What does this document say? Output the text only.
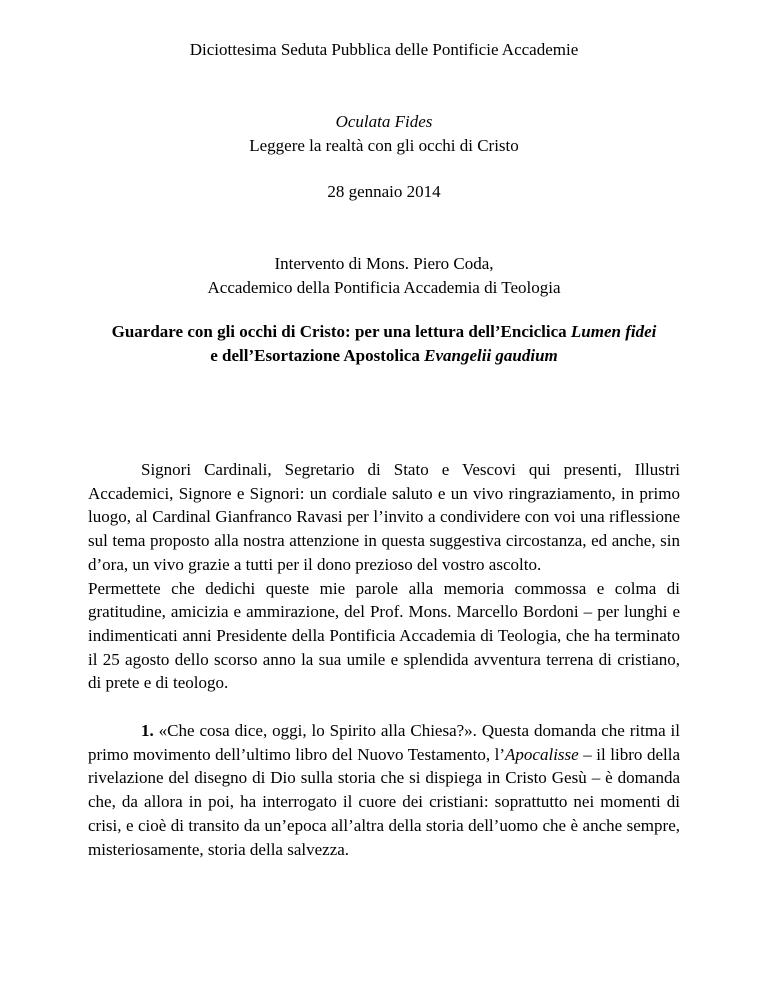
Diciottesima Seduta Pubblica delle Pontificie Accademie

Oculata Fides

Leggere la realtà con gli occhi di Cristo

28 gennaio 2014

Intervento di Mons. Piero Coda,

Accademico della Pontificia Accademia di Teologia

Guardare con gli occhi di Cristo: per una lettura dell’Enciclica Lumen fidei

e dell’Esortazione Apostolica Evangelii gaudium

Signori Cardinali, Segretario di Stato e Vescovi qui presenti, Illustri Accademici, Signore e Signori: un cordiale saluto e un vivo ringraziamento, in primo luogo, al Cardinal Gianfranco Ravasi per l’invito a condividere con voi una riflessione sul tema proposto alla nostra attenzione in questa suggestiva circostanza, ed anche, sin d’ora, un vivo grazie a tutti per il dono prezioso del vostro ascolto.

Permettete che dedichi queste mie parole alla memoria commossa e colma di gratitudine, amicizia e ammirazione, del Prof. Mons. Marcello Bordoni – per lunghi e indimenticati anni Presidente della Pontificia Accademia di Teologia, che ha terminato il 25 agosto dello scorso anno la sua umile e splendida avventura terrena di cristiano, di prete e di teologo.

1. «Che cosa dice, oggi, lo Spirito alla Chiesa?». Questa domanda che ritma il primo movimento dell’ultimo libro del Nuovo Testamento, l’Apocalisse – il libro della rivelazione del disegno di Dio sulla storia che si dispiega in Cristo Gesù – è domanda che, da allora in poi, ha interrogato il cuore dei cristiani: soprattutto nei momenti di crisi, e cioè di transito da un’epoca all’altra della storia dell’uomo che è anche sempre, misteriosamente, storia della salvezza.
